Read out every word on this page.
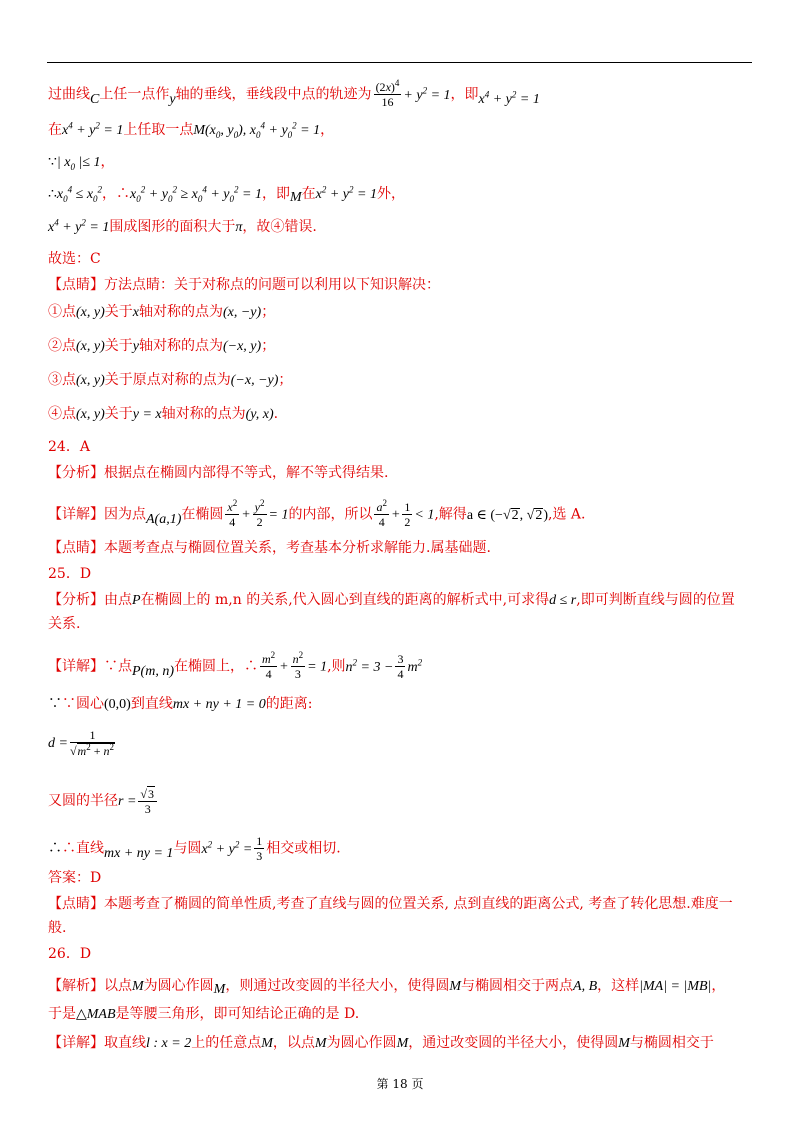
过曲线C上任一点作y轴的垂线，垂线段中点的轨迹为 $\frac{(2x)^4}{16} + y^2 = 1$，即$x^4 + y^2 = 1$
在$x^4 + y^2 = 1$上任取一点$M(x_0$, $y_0$), $x_0^4 + y_0^2 = 1$，
∵| $x_0$ |≤ 1，
$\therefore x_0^4 \le x_0^2$，$\therefore x_0^2 + y_0^2 \ge x_0^4 + y_0^2 = 1$，即M在$x^2 + y^2 = 1$外，
$x^4 + y^2 = 1$围成图形的面积大于π，故④错误.
故选：C
【点睛】方法点睛：关于对称点的问题可以利用以下知识解决：
①点(x, y)关于x轴对称的点为(x, −y)；
②点(x, y)关于y轴对称的点为(−x, y)；
③点(x, y)关于原点对称的点为(−x, −y)；
④点(x, y)关于y = x轴对称的点为(y, x).
24．A
【分析】根据点在椭圆内部得不等式，解不等式得结果.
【详解】因为点A(a,1)在椭圆 $\frac{x^2}{4} + \frac{y^2}{2} = 1$的内部，所以 $\frac{a^2}{4} + \frac{1}{2} < 1$,解得a ∈ (−√2, √2),选 A.
【点睛】本题考查点与椭圆位置关系，考查基本分析求解能力.属基础题.
25．D
【分析】由点P在椭圆上的 m,n 的关系,代入圆心到直线的距离的解析式中,可求得d ≤ r,即可判断直线与圆的位置
关系.
【详解】∵点P(m, n)在椭圆上，∴ $\frac{m^2}{4} + \frac{n^2}{3} = 1$,则$n^2 = 3 - \frac{3}{4} m^2$
∵∵圆心(0,0)到直线mx + ny + 1 = 0的距离:
$d = \frac{1}{√m^2 + n^2}$
又圆的半径$r = \frac{√3}{3}$
∴∴直线mx + ny = 1与圆$x^2 + y^2 = \frac{1}{3}$ 相交或相切.
答案：D
【点睛】本题考查了椭圆的简单性质,考查了直线与圆的位置关系, 点到直线的距离公式, 考查了转化思想.难度一
般.
26．D
【解析】以点M为圆心作圆M，则通过改变圆的半径大小，使得圆M与椭圆相交于两点A, B，这样|MA| = |MB|，
于是△MAB是等腰三角形，即可知结论正确的是 D.
【详解】取直线l : x = 2上的任意点M，以点M为圆心作圆M，通过改变圆的半径大小，使得圆M与椭圆相交于
第 18 页
